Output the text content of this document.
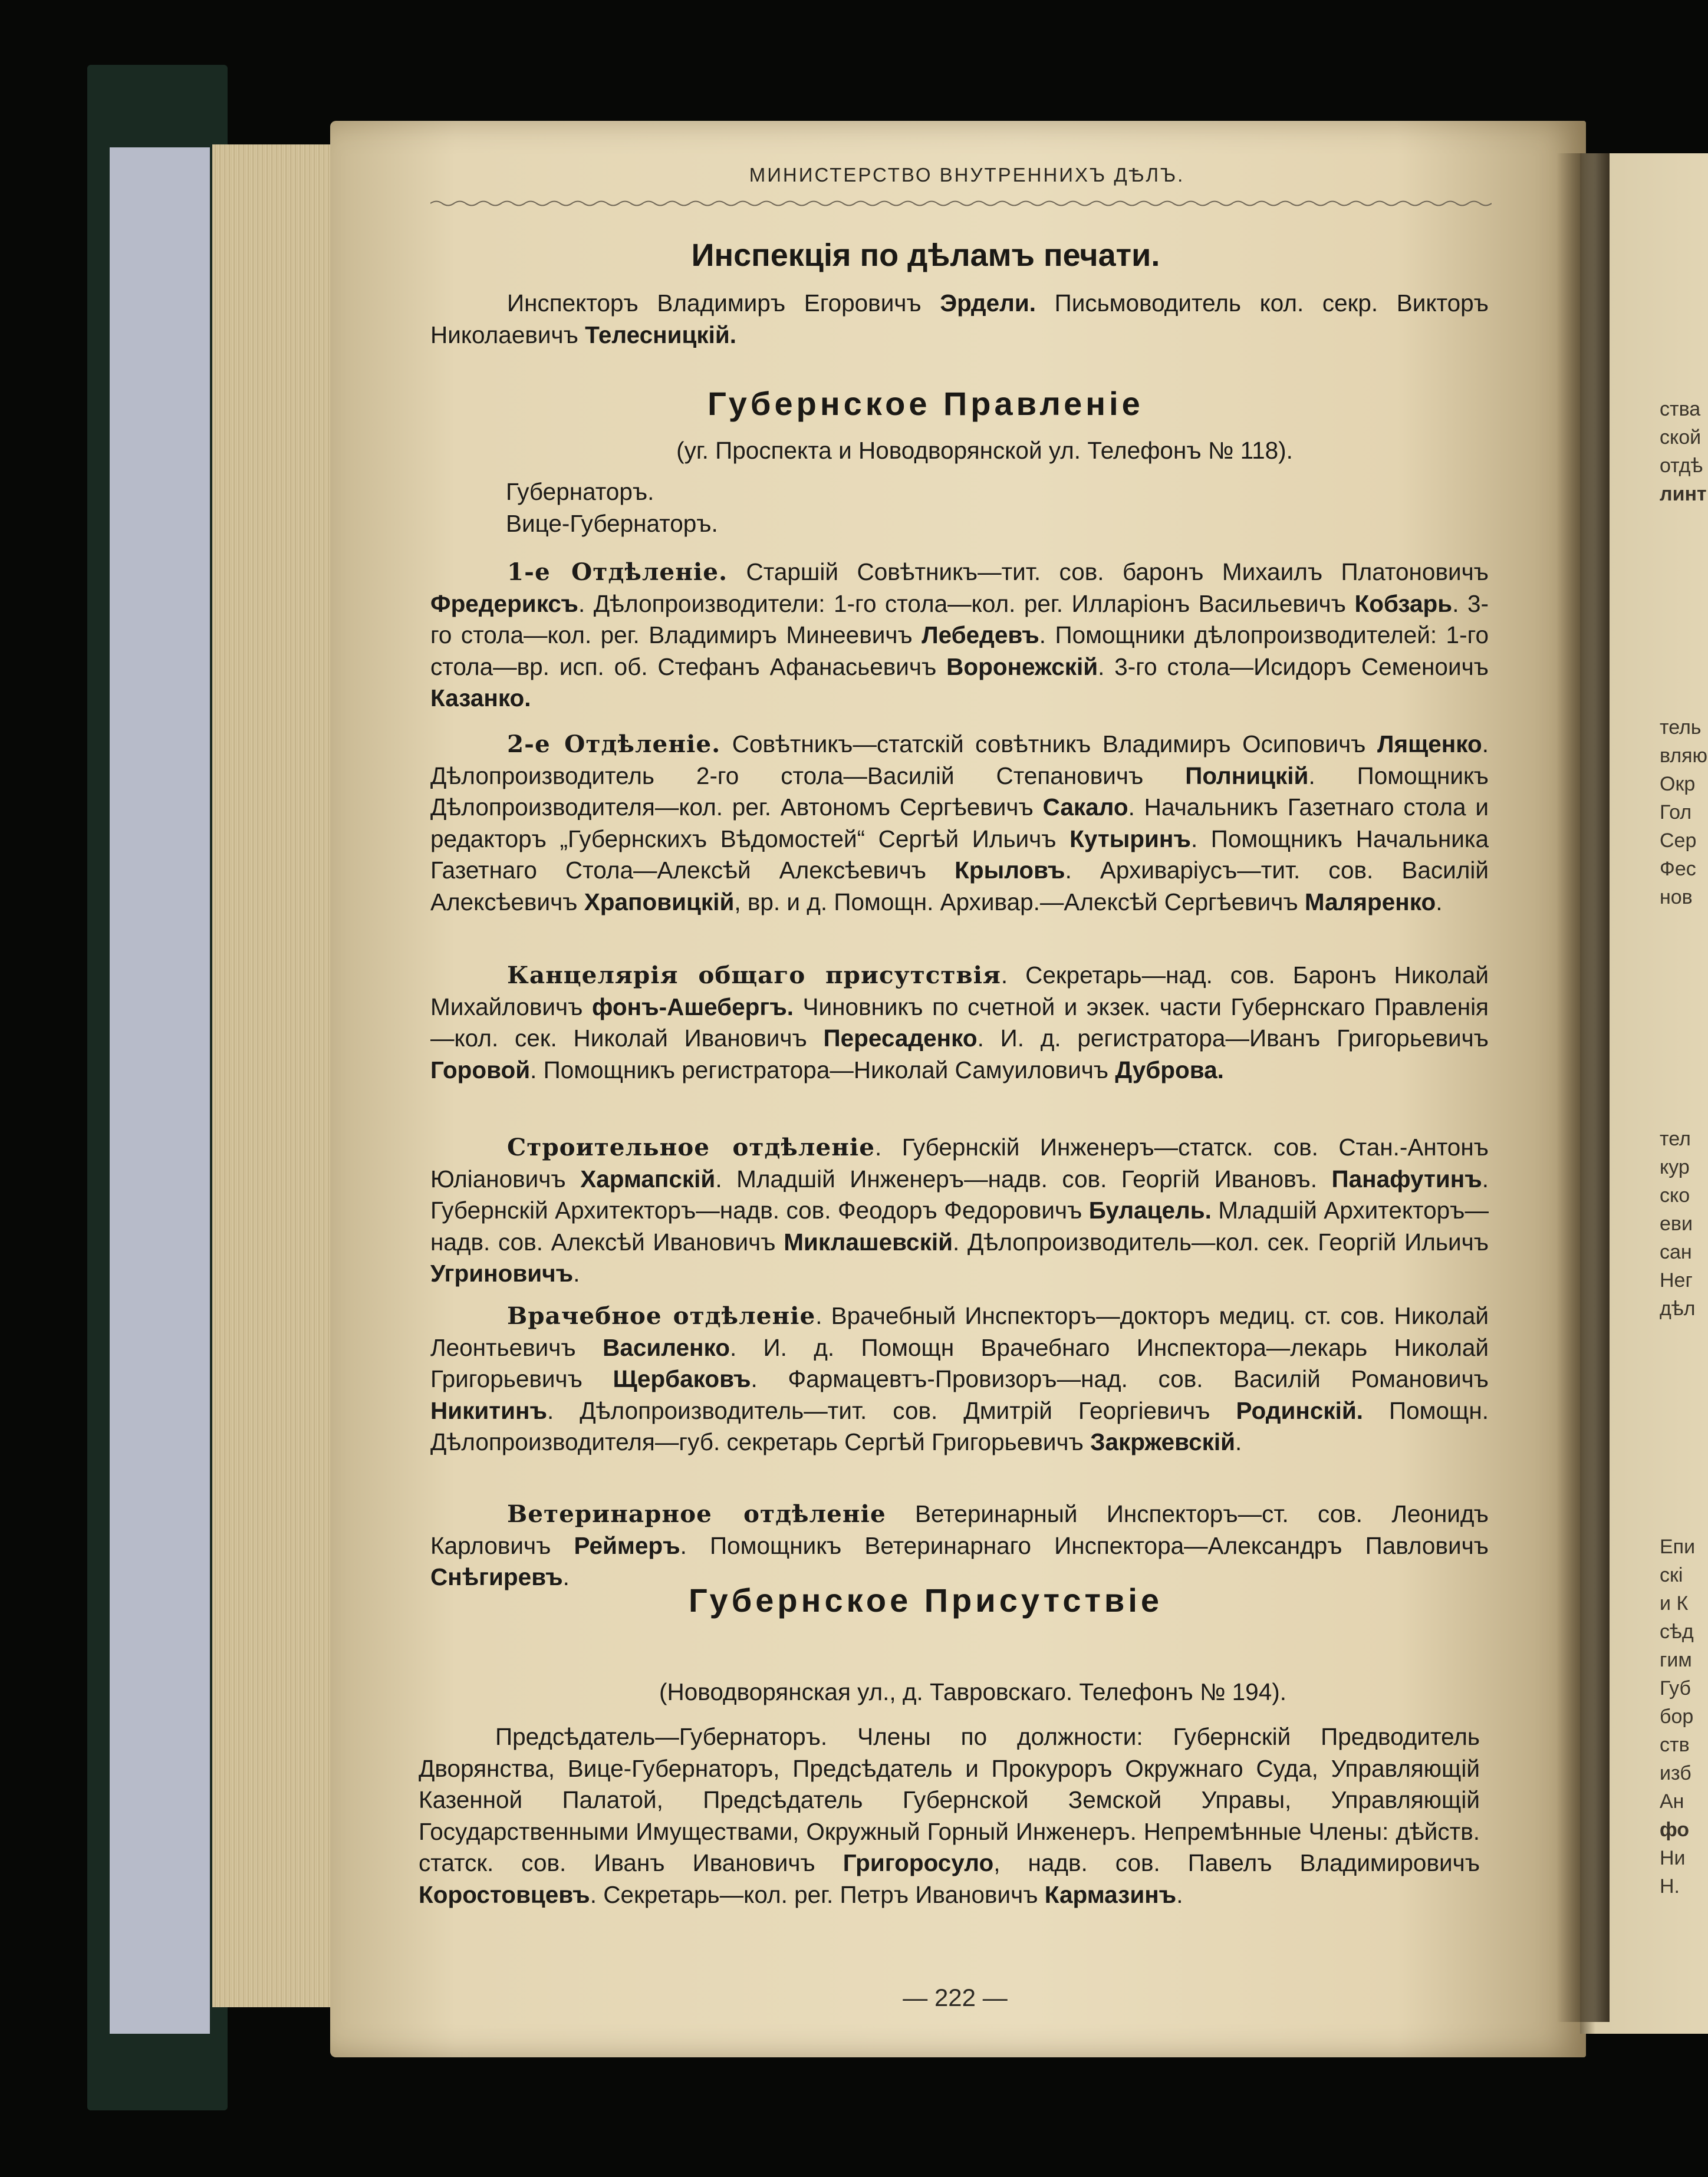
МИНИСТЕРСТВО ВНУТРЕННИХЪ ДѢЛЪ.
Инспекція по дѣламъ печати.
Инспекторъ Владимиръ Егоровичъ Эрдели. Письмоводитель кол. секр. Викторъ Николаевичъ Телесницкій.
Губернское Правленіе
(уг. Проспекта и Новодворянской ул. Телефонъ № 118).
Губернаторъ.
Вице-Губернаторъ.
1-е Отдѣленіе. Старшій Совѣтникъ—тит. сов. баронъ Михаилъ Платоновичъ Фредериксъ. Дѣлопроизводители: 1-го стола—кол. рег. Илларіонъ Васильевичъ Кобзарь. 3-го стола—кол. рег. Владимиръ Минеевичъ Лебедевъ. Помощники дѣлопроизводителей: 1-го стола—вр. исп. об. Стефанъ Афанасьевичъ Воронежскій. 3-го стола—Исидоръ Семеноичъ Казанко.
2-е Отдѣленіе. Совѣтникъ—статскій совѣтникъ Владимиръ Осиповичъ Лященко. Дѣлопроизводитель 2-го стола—Василій Степановичъ Полницкій. Помощникъ Дѣлопроизводителя—кол. рег. Автономъ Сергѣевичъ Сакало. Начальникъ Газетнаго стола и редакторъ „Губернскихъ Вѣдомостей“ Сергѣй Ильичъ Кутыринъ. Помощникъ Начальника Газетнаго Стола—Алексѣй Алексѣевичъ Крыловъ. Архиваріусъ—тит. сов. Василій Алексѣевичъ Храповицкій, вр. и д. Помощн. Архивар.—Алексѣй Сергѣевичъ Маляренко.
Канцелярія общаго присутствія. Секретарь—над. сов. Баронъ Николай Михайловичъ фонъ-Ашебергъ. Чиновникъ по счетной и экзек. части Губернскаго Правленія—кол. сек. Николай Ивановичъ Пересаденко. И. д. регистратора—Иванъ Григорьевичъ Горовой. Помощникъ регистратора—Николай Самуиловичъ Дуброва.
Строительное отдѣленіе. Губернскій Инженеръ—статск. сов. Стан.-Антонъ Юліановичъ Хармапскій. Младшій Инженеръ—надв. сов. Георгій Ивановъ. Панафутинъ. Губернскій Архитекторъ—надв. сов. Феодоръ Федоровичъ Булацель. Младшій Архитекторъ—надв. сов. Алексѣй Ивановичъ Миклашевскій. Дѣлопроизводитель—кол. сек. Георгій Ильичъ Угриновичъ.
Врачебное отдѣленіе. Врачебный Инспекторъ—докторъ медиц. ст. сов. Николай Леонтьевичъ Василенко. И. д. Помощн Врачебнаго Инспектора—лекарь Николай Григорьевичъ Щербаковъ. Фармацевтъ-Провизоръ—над. сов. Василій Романовичъ Никитинъ. Дѣлопроизводитель—тит. сов. Дмитрій Георгіевичъ Родинскій. Помощн. Дѣлопроизводителя—губ. секретарь Сергѣй Григорьевичъ Закржевскій.
Ветеринарное отдѣленіе Ветеринарный Инспекторъ—ст. сов. Леонидъ Карловичъ Реймеръ. Помощникъ Ветеринарнаго Инспектора—Александръ Павловичъ Снѣгиревъ.
Губернское Присутствіе
(Новодворянская ул., д. Тавровскаго. Телефонъ № 194).
Предсѣдатель—Губернаторъ. Члены по должности: Губернскій Предводитель Дворянства, Вице-Губернаторъ, Предсѣдатель и Прокуроръ Окружнаго Суда, Управляющій Казенной Палатой, Предсѣдатель Губернской Земской Управы, Управляющій Государственными Имуществами, Окружный Горный Инженеръ. Непремѣнные Члены: дѣйств. статск. сов. Иванъ Ивановичъ Григоросуло, надв. сов. Павелъ Владимировичъ Коростовцевъ. Секретарь—кол. рег. Петръ Ивановичъ Кармазинъ.
— 222 —
ства
ской
отдѣ
линт
тель
вляю
Окр
Гол
Сер
Фес
нов
тел
кур
ско
еви
сан
Нег
дѣл
Епи
скі
и К
сѣд
гим
Губ
бор
ств
изб
Ан
фо
Ни
Н.
